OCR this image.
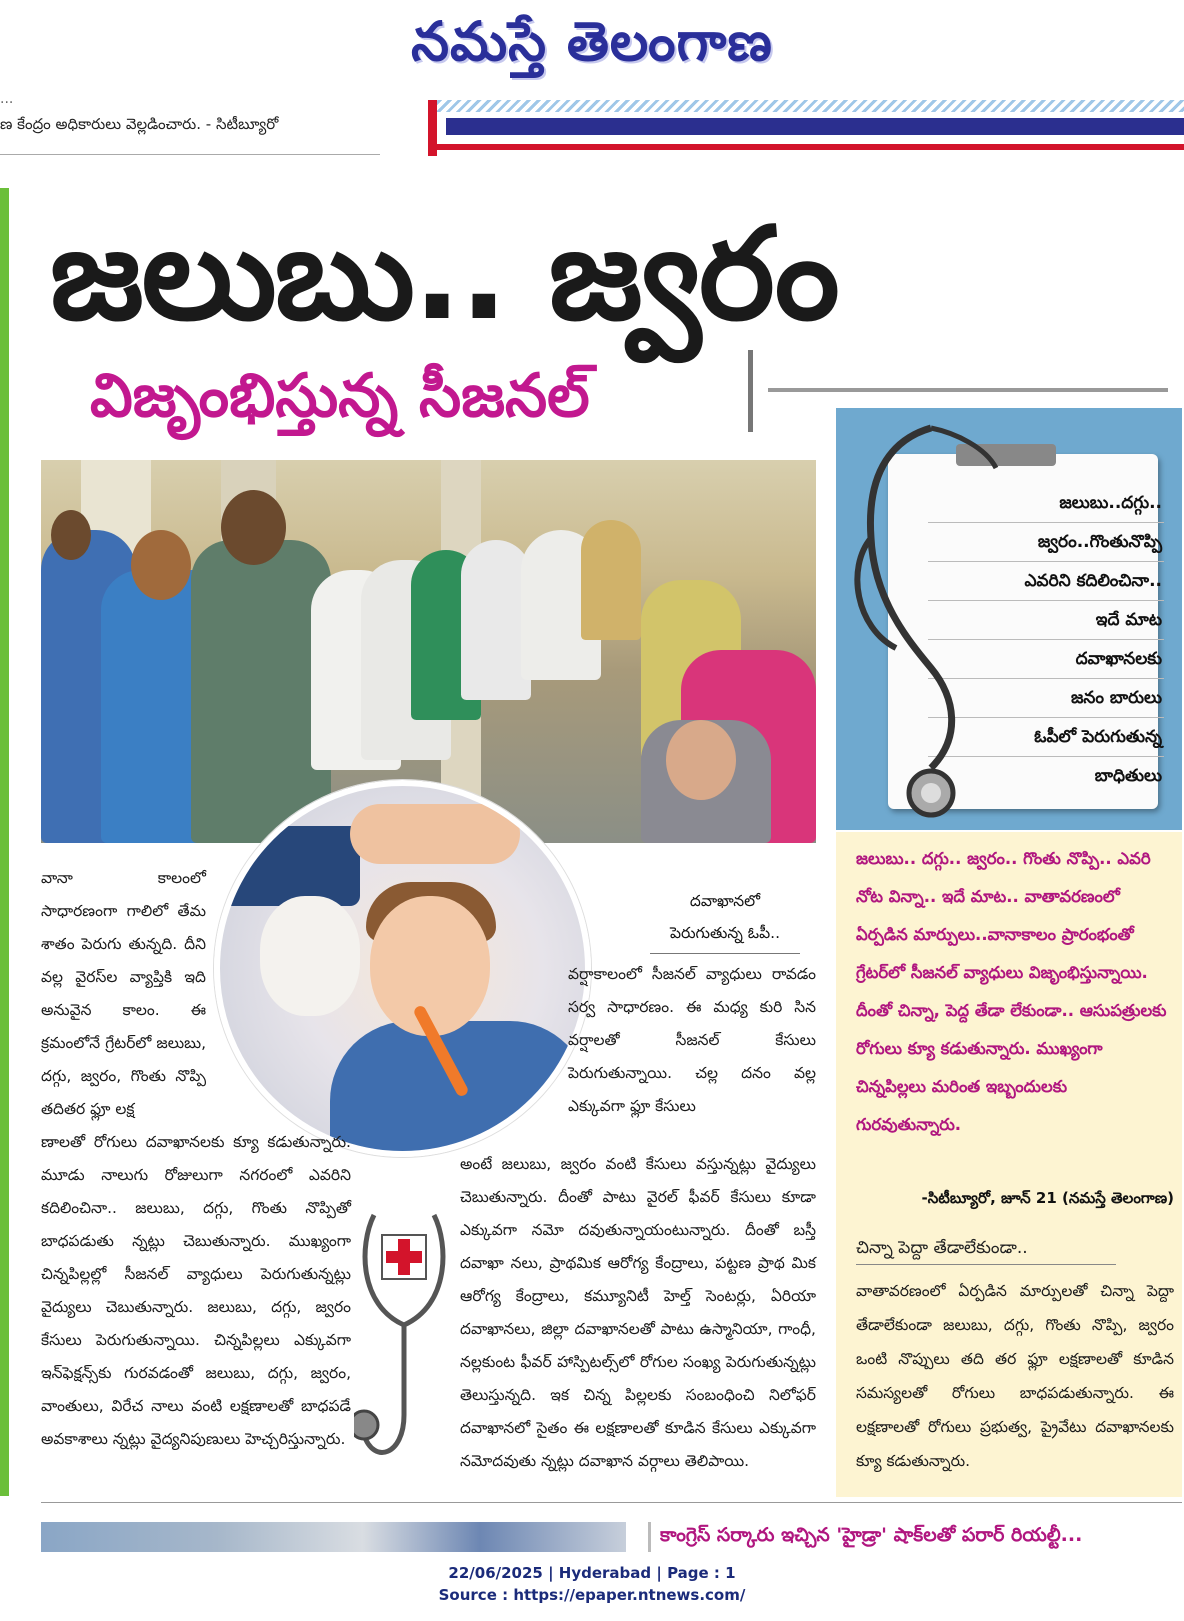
నమస్తే తెలంగాణ
...
ణ కేంద్రం అధికారులు వెల్లడించారు. - సిటీబ్యూరో
జలుబు.. జ్వరం
విజృంభిస్తున్న సీజనల్
జలుబు..దగ్గు..
జ్వరం..గొంతునొప్పి
ఎవరిని కదిలించినా..
ఇదే మాట
దవాఖానలకు
జనం బారులు
ఓపీలో పెరుగుతున్న
బాధితులు
వానా కాలంలో సాధారణంగా గాలిలో తేమ శాతం పెరుగు తున్నది. దీని వల్ల వైరస్‌ల వ్యాప్తికి ఇది అనువైన కాలం. ఈ క్రమంలోనే గ్రేటర్‌లో జలుబు, దగ్గు, జ్వరం, గొంతు నొప్పి తదితర ఫ్లూ లక్ష
ణాలతో రోగులు దవాఖానలకు క్యూ కడుతున్నారు. మూడు నాలుగు రోజులుగా నగరంలో ఎవరిని కదిలించినా.. జలుబు, దగ్గు, గొంతు నొప్పితో బాధపడుతు న్నట్లు చెబుతున్నారు. ముఖ్యంగా చిన్నపిల్లల్లో సీజనల్ వ్యాధులు పెరుగుతున్నట్లు వైద్యులు చెబుతున్నారు. జలుబు, దగ్గు, జ్వరం కేసులు పెరుగుతున్నాయి. చిన్నపిల్లలు ఎక్కువగా ఇన్‌ఫెక్షన్స్‌కు గురవడంతో జలుబు, దగ్గు, జ్వరం, వాంతులు, విరేచ నాలు వంటి లక్షణాలతో బాధపడే అవకాశాలు న్నట్లు వైద్యనిపుణులు హెచ్చరిస్తున్నారు.
దవాఖానలో
పెరుగుతున్న ఓపీ..
వర్షాకాలంలో సీజనల్ వ్యాధులు రావడం సర్వ సాధారణం. ఈ మధ్య కురి సిన వర్షాలతో సీజనల్ కేసులు పెరుగుతున్నాయి. చల్ల దనం వల్ల ఎక్కువగా ఫ్లూ కేసులు
అంటే జలుబు, జ్వరం వంటి కేసులు వస్తున్నట్లు వైద్యులు చెబుతున్నారు. దీంతో పాటు వైరల్ ఫీవర్ కేసులు కూడా ఎక్కువగా నమో దవుతున్నాయంటున్నారు. దీంతో బస్తీ దవాఖా నలు, ప్రాథమిక ఆరోగ్య కేంద్రాలు, పట్టణ ప్రాథ మిక ఆరోగ్య కేంద్రాలు, కమ్యూనిటీ హెల్త్ సెంటర్లు, ఏరియా దవాఖానలు, జిల్లా దవాఖానలతో పాటు ఉస్మానియా, గాంధీ, నల్లకుంట ఫీవర్ హాస్పిటల్స్‌లో రోగుల సంఖ్య పెరుగుతున్నట్లు తెలుస్తున్నది. ఇక చిన్న పిల్లలకు సంబంధించి నిలోఫర్ దవాఖానలో సైతం ఈ లక్షణాలతో కూడిన కేసులు ఎక్కువగా నమోదవుతు న్నట్లు దవాఖాన వర్గాలు తెలిపాయి.
జలుబు.. దగ్గు.. జ్వరం.. గొంతు నొప్పి.. ఎవరి నోట విన్నా.. ఇదే మాట.. వాతావరణంలో ఏర్పడిన మార్పులు..వానాకాలం ప్రారంభంతో గ్రేటర్‌లో సీజనల్ వ్యాధులు విజృంభిస్తున్నాయి. దీంతో చిన్నా, పెద్ద తేడా లేకుండా.. ఆసుపత్రులకు రోగులు క్యూ కడుతున్నారు. ముఖ్యంగా చిన్నపిల్లలు మరింత ఇబ్బందులకు గురవుతున్నారు.
-సిటీబ్యూరో, జూన్ 21 (నమస్తే తెలంగాణ)
చిన్నా పెద్దా తేడాలేకుండా..
వాతావరణంలో ఏర్పడిన మార్పులతో చిన్నా పెద్దా తేడాలేకుండా జలుబు, దగ్గు, గొంతు నొప్పి, జ్వరం ఒంటి నొప్పులు తది తర ఫ్లూ లక్షణాలతో కూడిన సమస్యలతో రోగులు బాధపడుతున్నారు. ఈ లక్షణాలతో రోగులు ప్రభుత్వ, ప్రైవేటు దవాఖానలకు క్యూ కడుతున్నారు.
కాంగ్రెస్ సర్కారు ఇచ్చిన 'హైడ్రా' షాక్‌లతో పరార్ రియల్టీ...
22/06/2025 | Hyderabad | Page : 1
Source : https://epaper.ntnews.com/
